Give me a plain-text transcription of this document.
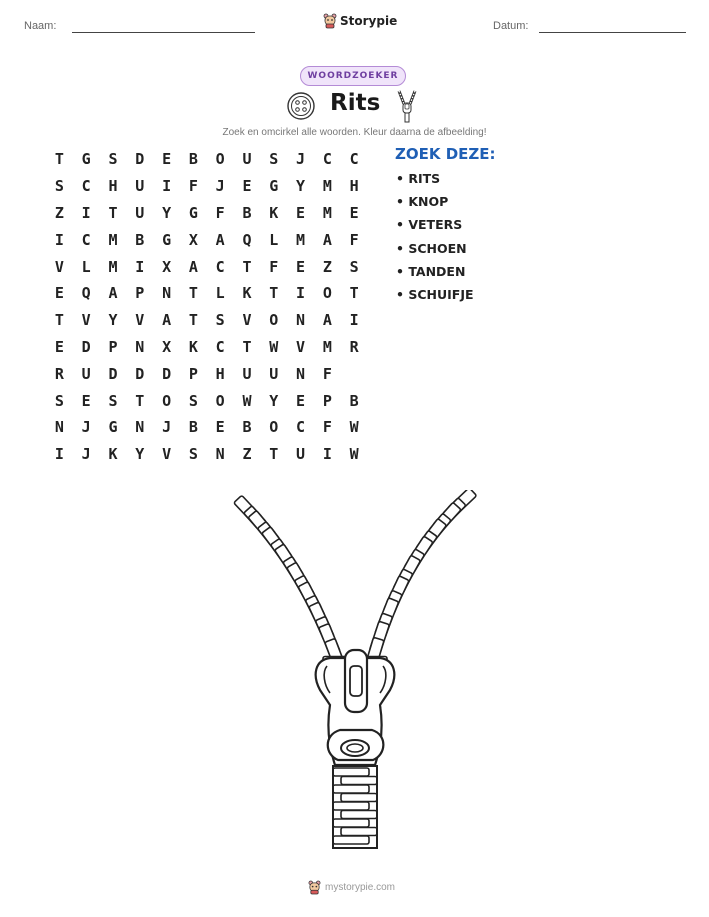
Naam:	Storypie	Datum:
WOORDZOEKER
Rits
Zoek en omcirkel alle woorden. Kleur daarna de afbeelding!
T	G	S	D	E	B	O	U	S	J	C	C
S	C	H	U	I	F	J	E	G	Y	M	H
Z	I	T	U	Y	G	F	B	K	E	M	E
I	C	M	B	G	X	A	Q	L	M	A	F
V	L	M	I	X	A	C	T	F	E	Z	S
E	Q	A	P	N	T	L	K	T	I	O	T
T	V	Y	V	A	T	S	V	O	N	A	I
E	D	P	N	X	K	C	T	W	V	M	R
R	U	D	D	D	P	H	U	U	N	F
S	E	S	T	O	S	O	W	Y	E	P	B
N	J	G	N	J	B	E	B	O	C	F	W
I	J	K	Y	V	S	N	Z	T	U	I	W
ZOEK DEZE:
• RITS
• KNOP
• VETERS
• SCHOEN
• TANDEN
• SCHUIFJE
mystorypie.com
